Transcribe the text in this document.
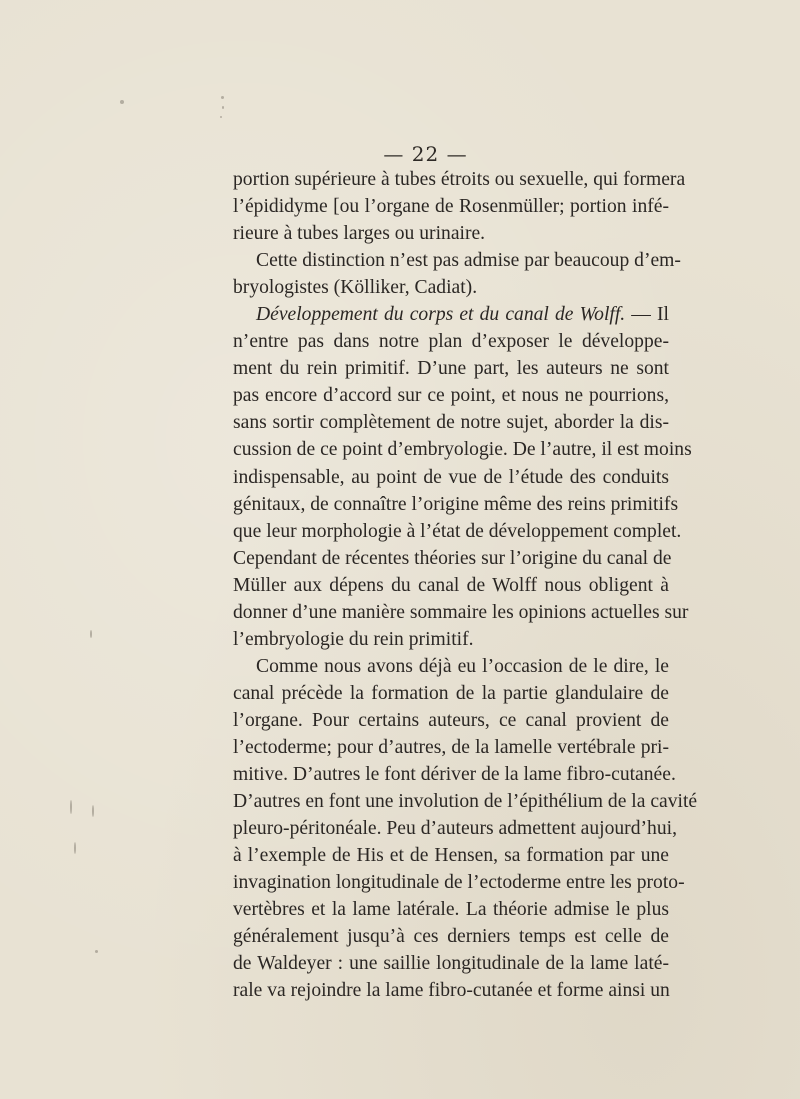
— 22 —
portion supérieure à tubes étroits ou sexuelle, qui formera
l’épididyme [ou l’organe de Rosenmüller; portion infé-
rieure à tubes larges ou urinaire.
Cette distinction n’est pas admise par beaucoup d’em-
bryologistes (Kölliker, Cadiat).
Développement du corps et du canal de Wolff. — Il
n’entre pas dans notre plan d’exposer le développe-
ment du rein primitif. D’une part, les auteurs ne sont
pas encore d’accord sur ce point, et nous ne pourrions,
sans sortir complètement de notre sujet, aborder la dis-
cussion de ce point d’embryologie. De l’autre, il est moins
indispensable, au point de vue de l’étude des conduits
génitaux, de connaître l’origine même des reins primitifs
que leur morphologie à l’état de développement complet.
Cependant de récentes théories sur l’origine du canal de
Müller aux dépens du canal de Wolff nous obligent à
donner d’une manière sommaire les opinions actuelles sur
l’embryologie du rein primitif.
Comme nous avons déjà eu l’occasion de le dire, le
canal précède la formation de la partie glandulaire de
l’organe. Pour certains auteurs, ce canal provient de
l’ectoderme; pour d’autres, de la lamelle vertébrale pri-
mitive. D’autres le font dériver de la lame fibro-cutanée.
D’autres en font une involution de l’épithélium de la cavité
pleuro-péritonéale. Peu d’auteurs admettent aujourd’hui,
à l’exemple de His et de Hensen, sa formation par une
invagination longitudinale de l’ectoderme entre les proto-
vertèbres et la lame latérale. La théorie admise le plus
généralement jusqu’à ces derniers temps est celle de
de Waldeyer : une saillie longitudinale de la lame laté-
rale va rejoindre la lame fibro-cutanée et forme ainsi un
